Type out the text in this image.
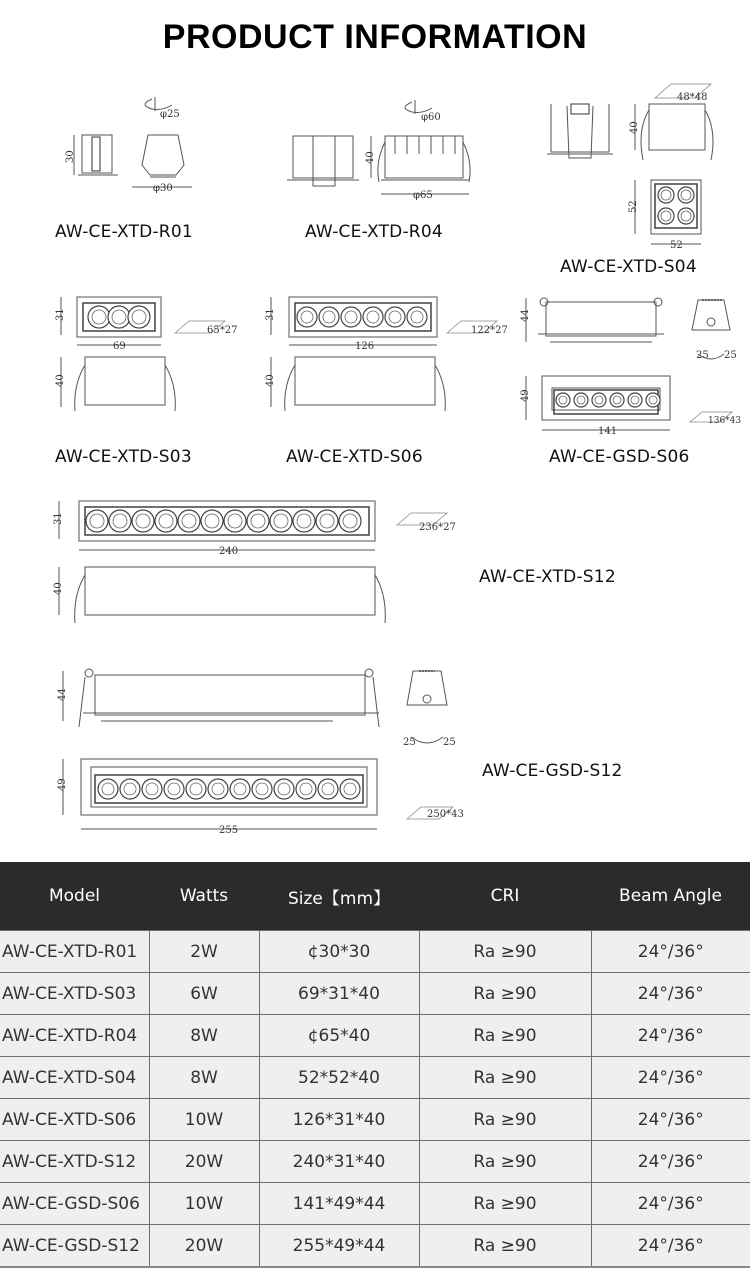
PRODUCT INFORMATION
φ25
30
φ30
AW-CE-XTD-R01
φ60
40
φ65
AW-CE-XTD-R04
48*48
40
52
52
AW-CE-XTD-S04
31
69
40
65*27
AW-CE-XTD-S03
31
126
40
122*27
AW-CE-XTD-S06
44
25 25
49
141
136*43
AW-CE-GSD-S06
31
240
40
236*27
AW-CE-XTD-S12
44
25	25
49
255
250*43
AW-CE-GSD-S12
Model	Watts	Size【mm】	CRI	Beam Angle
AW-CE-XTD-R01	2W	¢30*30	Ra ≥90	24°/36°
AW-CE-XTD-S03	6W	69*31*40	Ra ≥90	24°/36°
AW-CE-XTD-R04	8W	¢65*40	Ra ≥90	24°/36°
AW-CE-XTD-S04	8W	52*52*40	Ra ≥90	24°/36°
AW-CE-XTD-S06	10W	126*31*40	Ra ≥90	24°/36°
AW-CE-XTD-S12	20W	240*31*40	Ra ≥90	24°/36°
AW-CE-GSD-S06	10W	141*49*44	Ra ≥90	24°/36°
AW-CE-GSD-S12	20W	255*49*44	Ra ≥90	24°/36°
